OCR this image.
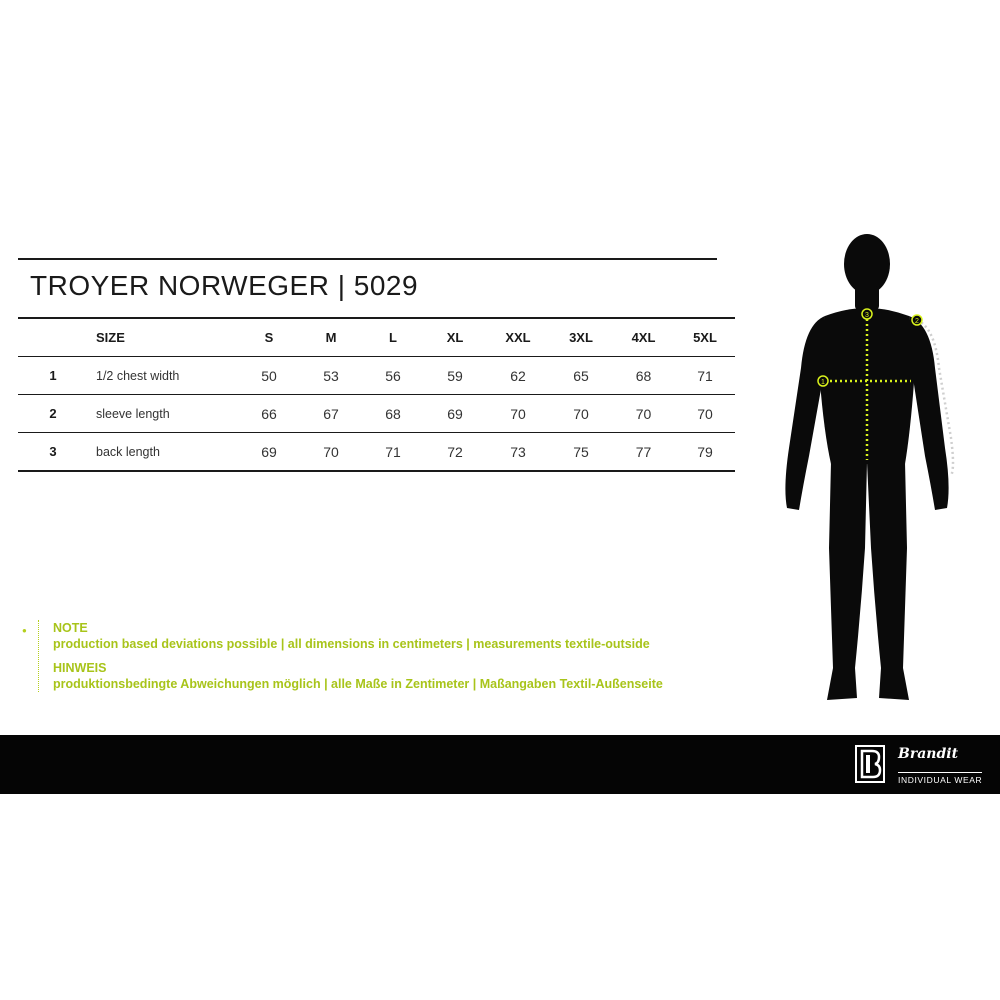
TROYER NORWEGER | 5029
	SIZE	S	M	L	XL	XXL	3XL	4XL	5XL
1	1/2 chest width	50	53	56	59	62	65	68	71
2	sleeve length	66	67	68	69	70	70	70	70
3	back length	69	70	71	72	73	75	77	79
● NOTE

production based deviations possible | all dimensions in centimeters | measurements textile-outside

HINWEIS

produktionsbedingte Abweichungen möglich | alle Maße in Zentimeter | Maßangaben Textil-Außenseite

1
2
3
Brandit
INDIVIDUAL WEAR
